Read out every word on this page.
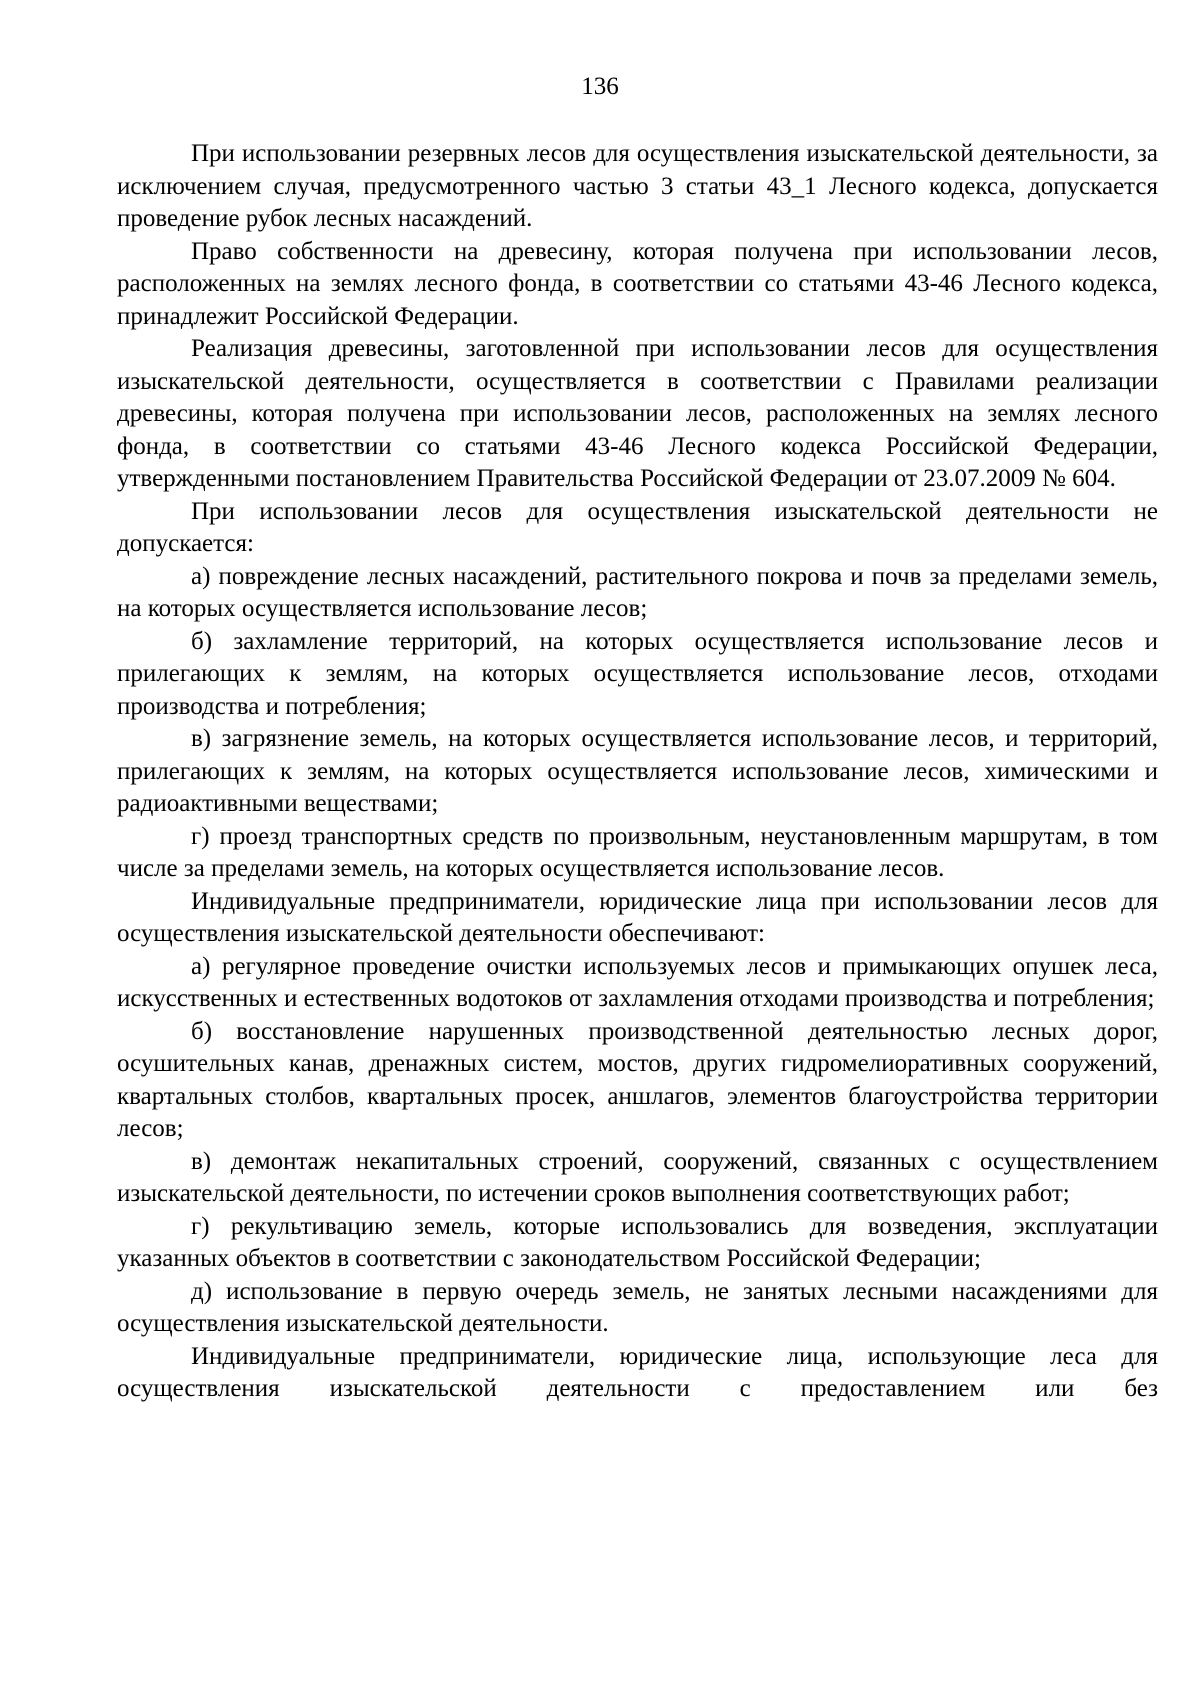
136

При использовании резервных лесов для осуществления изыскательской деятельности, за исключением случая, предусмотренного частью 3 статьи 43_1 Лесного кодекса, допускается проведение рубок лесных насаждений.

Право собственности на древесину, которая получена при использовании лесов, расположенных на землях лесного фонда, в соответствии со статьями 43-46 Лесного кодекса, принадлежит Российской Федерации.

Реализация древесины, заготовленной при использовании лесов для осуществления изыскательской деятельности, осуществляется в соответствии с Правилами реализации древесины, которая получена при использовании лесов, расположенных на землях лесного фонда, в соответствии со статьями 43-46 Лесного кодекса Российской Федерации, утвержденными постановлением Правительства Российской Федерации от 23.07.2009 № 604.

При использовании лесов для осуществления изыскательской деятельности не допускается:

а) повреждение лесных насаждений, растительного покрова и почв за пределами земель, на которых осуществляется использование лесов;

б) захламление территорий, на которых осуществляется использование лесов и прилегающих к землям, на которых осуществляется использование лесов, отходами производства и потребления;

в) загрязнение земель, на которых осуществляется использование лесов, и территорий, прилегающих к землям, на которых осуществляется использование лесов, химическими и радиоактивными веществами;

г) проезд транспортных средств по произвольным, неустановленным маршрутам, в том числе за пределами земель, на которых осуществляется использование лесов.

Индивидуальные предприниматели, юридические лица при использовании лесов для осуществления изыскательской деятельности обеспечивают:

а) регулярное проведение очистки используемых лесов и примыкающих опушек леса, искусственных и естественных водотоков от захламления отходами производства и потребления;

б) восстановление нарушенных производственной деятельностью лесных дорог, осушительных канав, дренажных систем, мостов, других гидромелиоративных сооружений, квартальных столбов, квартальных просек, аншлагов, элементов благоустройства территории лесов;

в) демонтаж некапитальных строений, сооружений, связанных с осуществлением изыскательской деятельности, по истечении сроков выполнения соответствующих работ;

г) рекультивацию земель, которые использовались для возведения, эксплуатации указанных объектов в соответствии с законодательством Российской Федерации;

д) использование в первую очередь земель, не занятых лесными насаждениями для осуществления изыскательской деятельности.

Индивидуальные предприниматели, юридические лица, использующие леса для осуществления изыскательской деятельности с предоставлением или без
